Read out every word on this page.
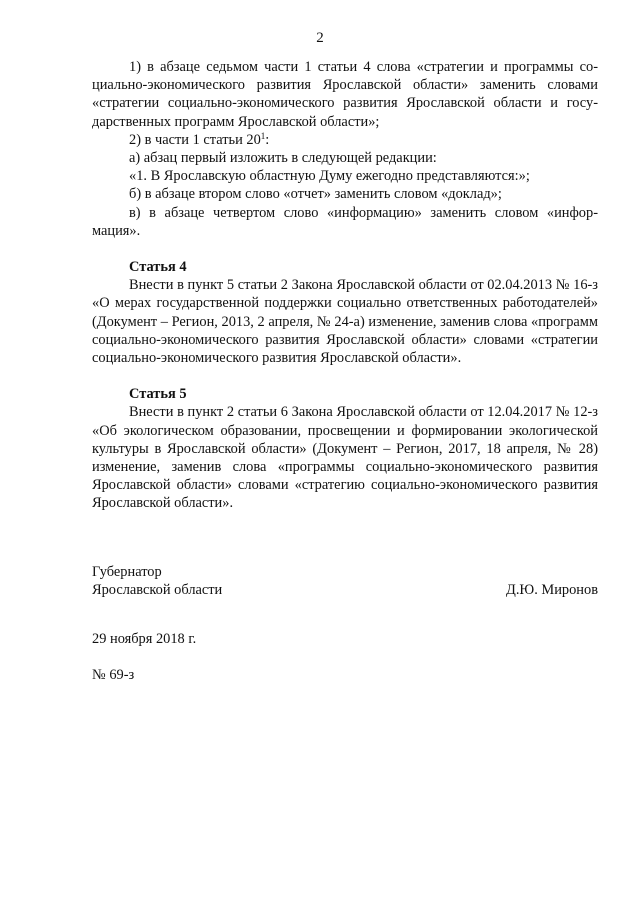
2

1) в абзаце седьмом части 1 статьи 4 слова «стратегии и программы социально-экономического развития Ярославской области» заменить словами «стратегии социально-экономического развития Ярославской области и государственных программ Ярославской области»;

2) в части 1 статьи $20^1$:

а) абзац первый изложить в следующей редакции:

«1. В Ярославскую областную Думу ежегодно представляются:»;

б) в абзаце втором слово «отчет» заменить словом «доклад»;

в) в абзаце четвертом слово «информацию» заменить словом «информация».

Статья 4

Внести в пункт 5 статьи 2 Закона Ярославской области от 02.04.2013 № 16-з «О мерах государственной поддержки социально ответственных работодателей» (Документ – Регион, 2013, 2 апреля, № 24-а) изменение, заменив слова «программ социально-экономического развития Ярославской области» словами «стратегии социально-экономического развития Ярославской области».

Статья 5

Внести в пункт 2 статьи 6 Закона Ярославской области от 12.04.2017 № 12-з «Об экологическом образовании, просвещении и формировании экологической культуры в Ярославской области» (Документ – Регион, 2017, 18 апреля, № 28) изменение, заменив слова «программы социально-экономического развития Ярославской области» словами «стратегию социально-экономического развития Ярославской области».

Губернатор
Ярославской области	Д.Ю. Миронов
29 ноября 2018 г.
№ 69-з
